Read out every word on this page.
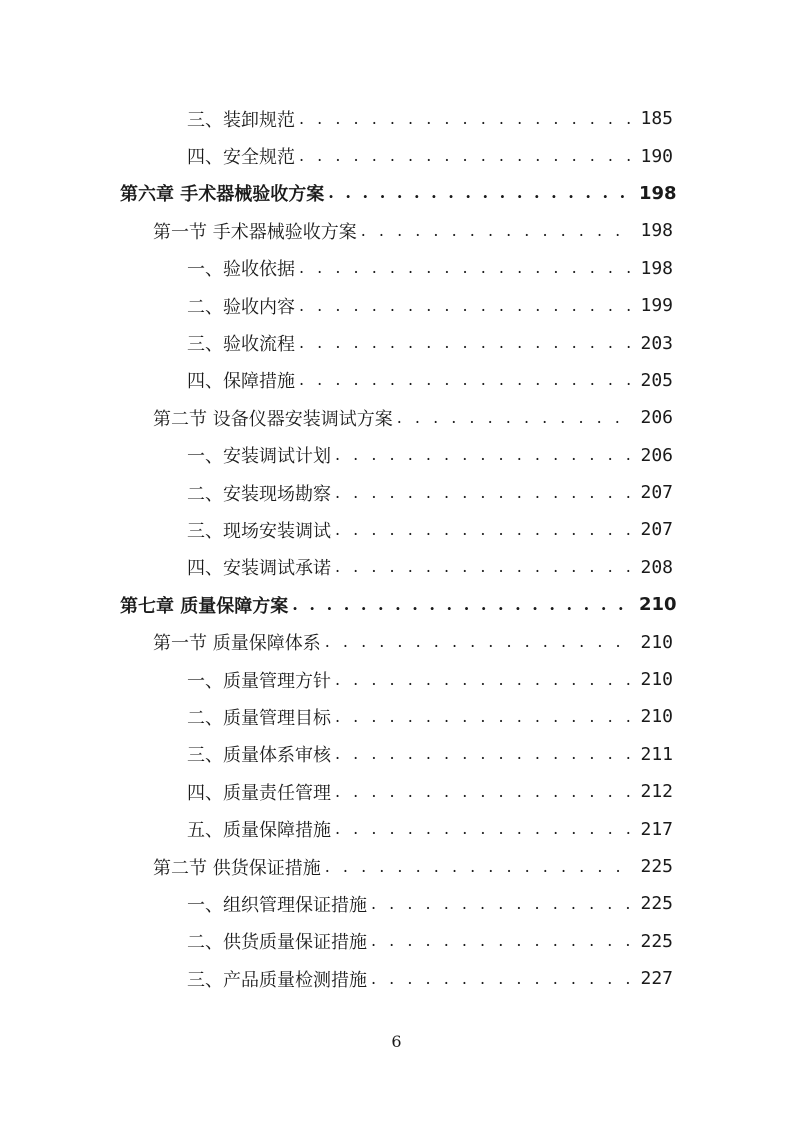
三、装卸规范 . . .	185
四、安全规范 . . .	190
第六章 手术器械验收方案 . . .	198
第一节 手术器械验收方案 . . .	198
一、验收依据 . . .	198
二、验收内容 . . .	199
三、验收流程 . . .	203
四、保障措施 . . .	205
第二节 设备仪器安装调试方案 . . .	206
一、安装调试计划 . . .	206
二、安装现场勘察 . . .	207
三、现场安装调试 . . .	207
四、安装调试承诺 . . .	208
第七章 质量保障方案 . . .	210
第一节 质量保障体系 . . .	210
一、质量管理方针 . . .	210
二、质量管理目标 . . .	210
三、质量体系审核 . . .	211
四、质量责任管理 . . .	212
五、质量保障措施 . . .	217
第二节 供货保证措施 . . .	225
一、组织管理保证措施 . . .	225
二、供货质量保证措施 . . .	225
三、产品质量检测措施 . . .	227
6
